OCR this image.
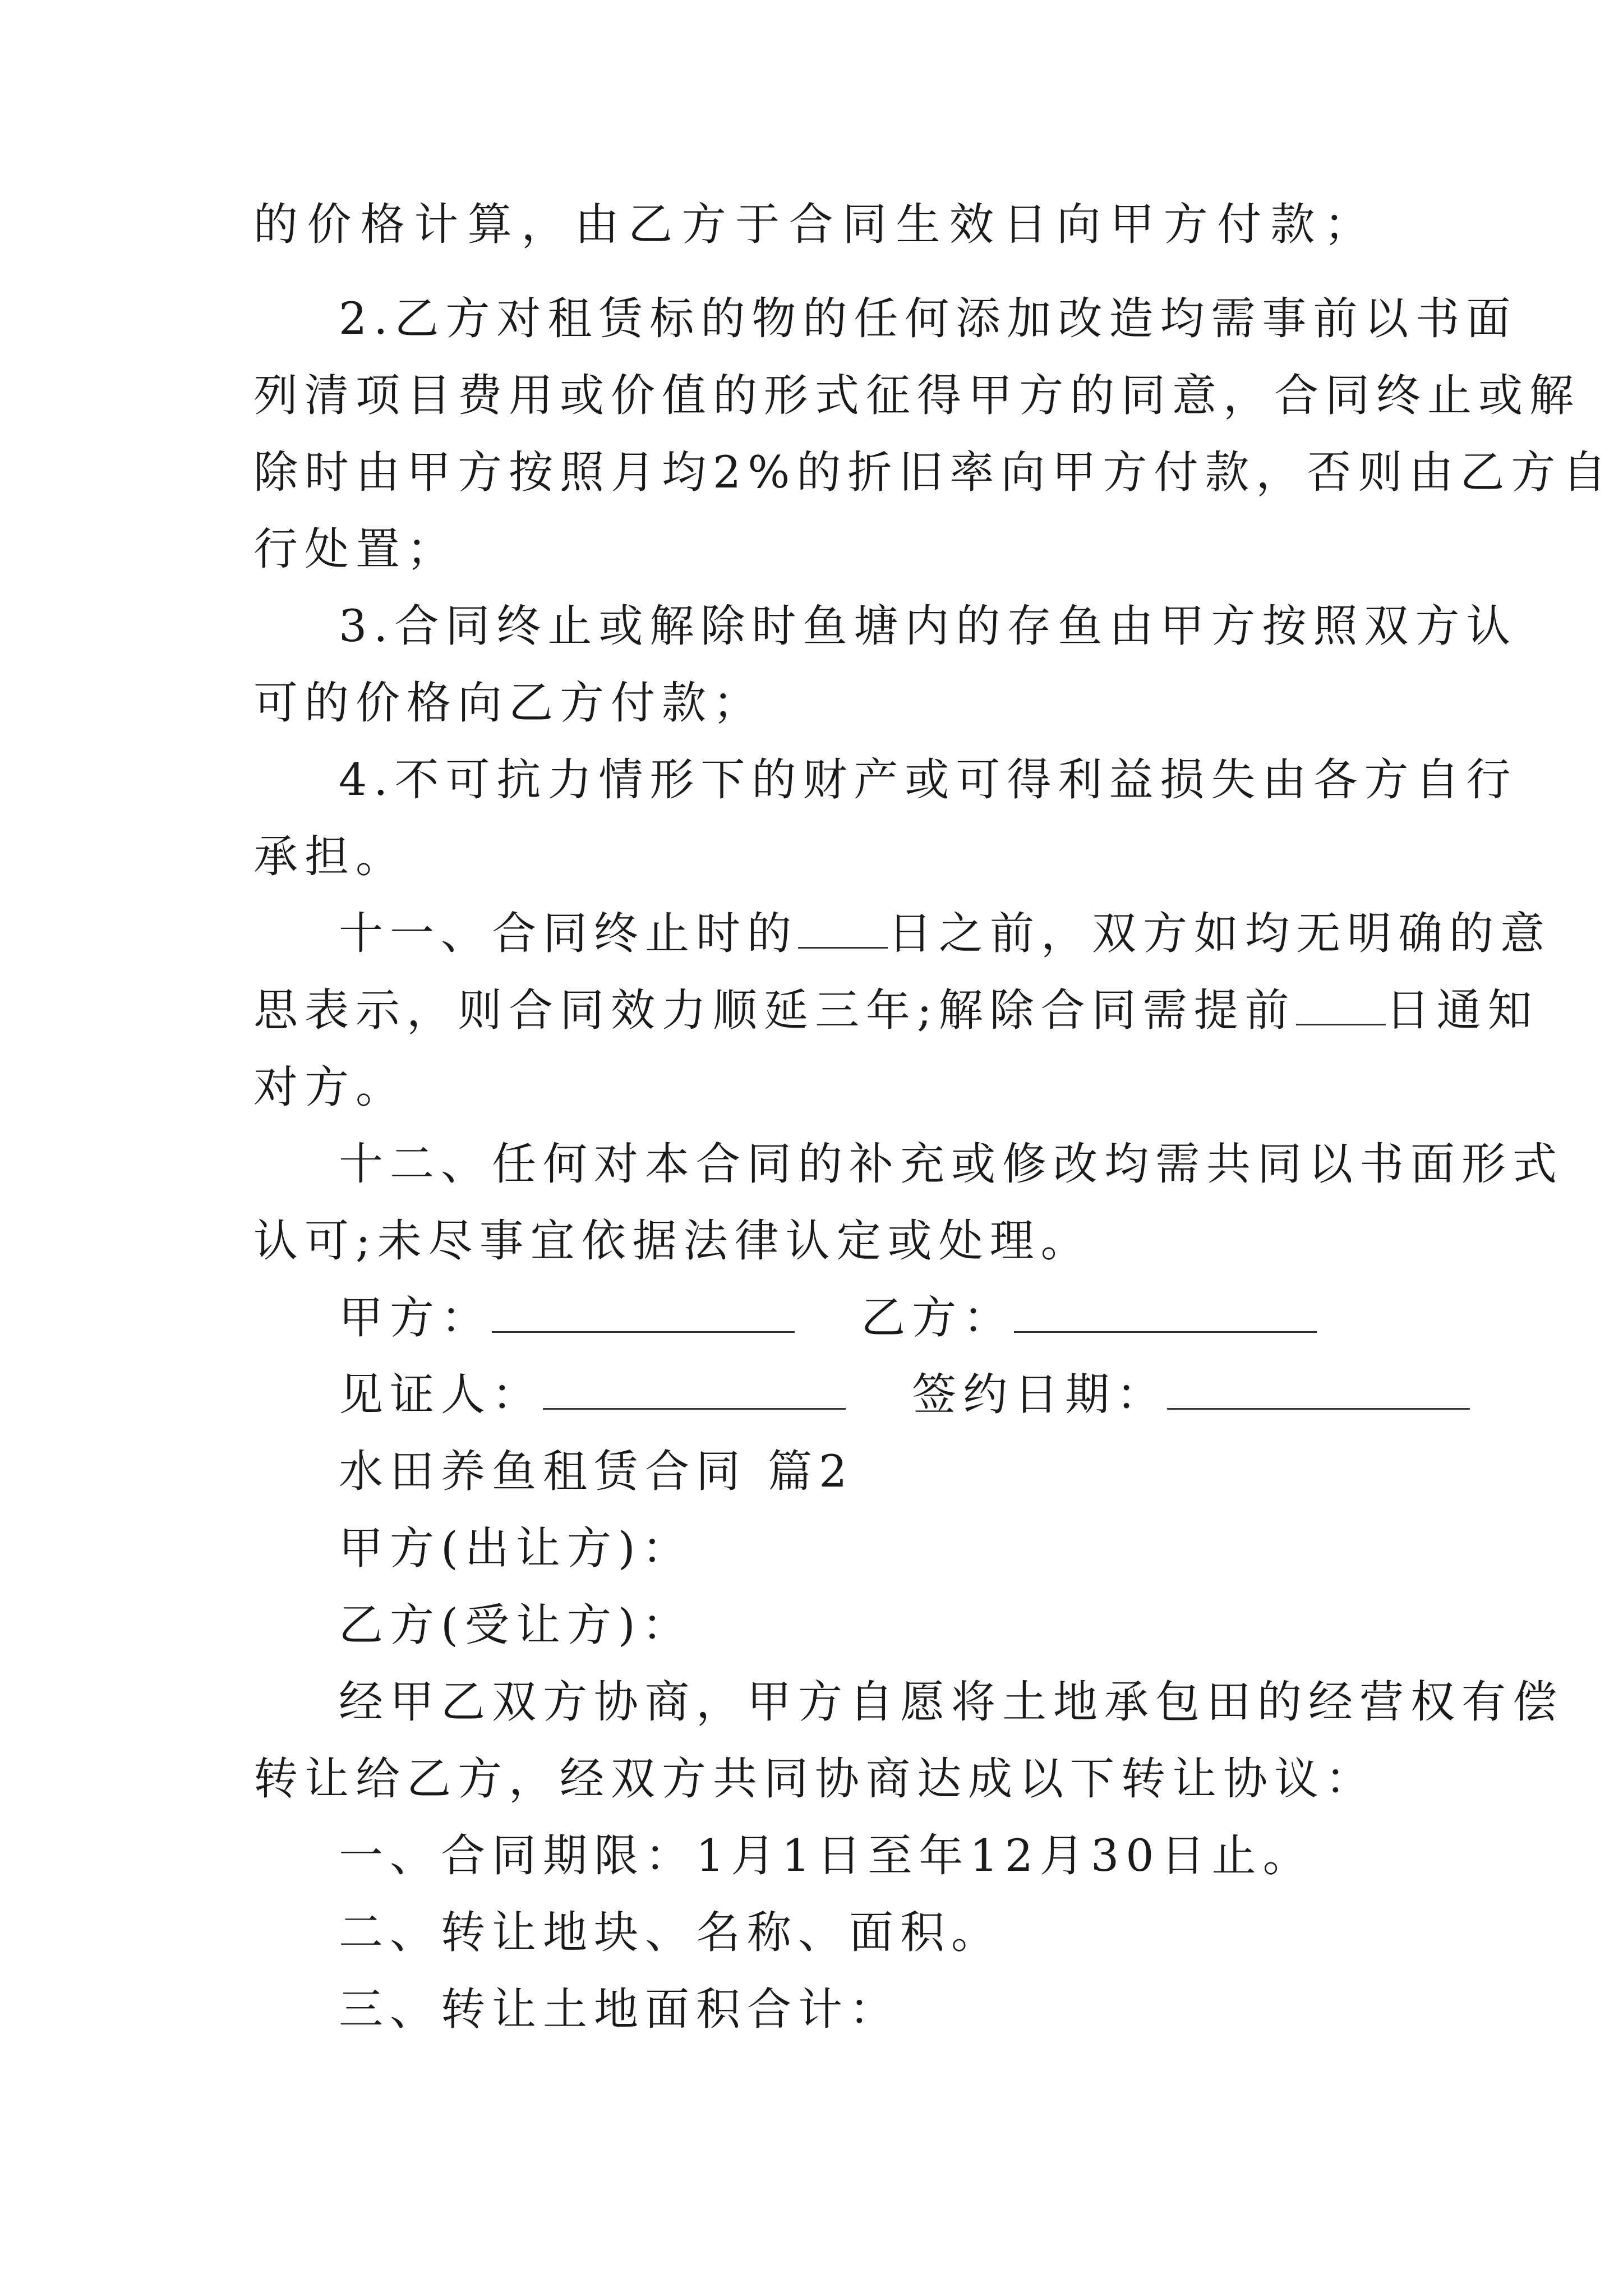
的价格计算，由乙方于合同生效日向甲方付款；
2.乙方对租赁标的物的任何添加改造均需事前以书面
列清项目费用或价值的形式征得甲方的同意，合同终止或解
除时由甲方按照月均2%的折旧率向甲方付款，否则由乙方自
行处置；
3.合同终止或解除时鱼塘内的存鱼由甲方按照双方认
可的价格向乙方付款；
4.不可抗力情形下的财产或可得利益损失由各方自行
承担。
十一、合同终止时的 日之前，双方如均无明确的意
思表示，则合同效力顺延三年;解除合同需提前 日通知
对方。
十二、任何对本合同的补充或修改均需共同以书面形式
认可;未尽事宜依据法律认定或处理。
甲方：	乙方：
见证人：	签约日期：
水田养鱼租赁合同 篇2
甲方(出让方)：
乙方(受让方)：
经甲乙双方协商，甲方自愿将土地承包田的经营权有偿
转让给乙方，经双方共同协商达成以下转让协议：
一、合同期限：1月1日至年12月30日止。
二、转让地块、名称、面积。
三、转让土地面积合计：
